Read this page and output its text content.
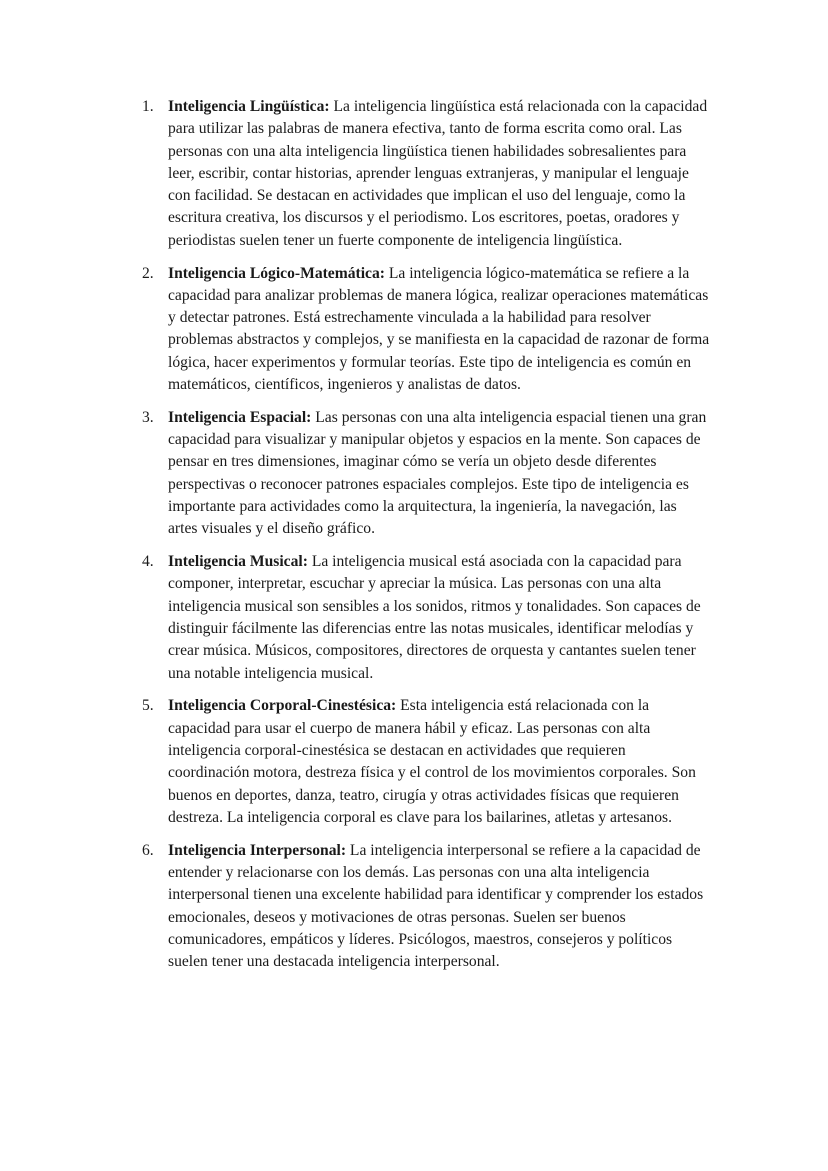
1. Inteligencia Lingüística: La inteligencia lingüística está relacionada con la capacidad para utilizar las palabras de manera efectiva, tanto de forma escrita como oral. Las personas con una alta inteligencia lingüística tienen habilidades sobresalientes para leer, escribir, contar historias, aprender lenguas extranjeras, y manipular el lenguaje con facilidad. Se destacan en actividades que implican el uso del lenguaje, como la escritura creativa, los discursos y el periodismo. Los escritores, poetas, oradores y periodistas suelen tener un fuerte componente de inteligencia lingüística.
2. Inteligencia Lógico-Matemática: La inteligencia lógico-matemática se refiere a la capacidad para analizar problemas de manera lógica, realizar operaciones matemáticas y detectar patrones. Está estrechamente vinculada a la habilidad para resolver problemas abstractos y complejos, y se manifiesta en la capacidad de razonar de forma lógica, hacer experimentos y formular teorías. Este tipo de inteligencia es común en matemáticos, científicos, ingenieros y analistas de datos.
3. Inteligencia Espacial: Las personas con una alta inteligencia espacial tienen una gran capacidad para visualizar y manipular objetos y espacios en la mente. Son capaces de pensar en tres dimensiones, imaginar cómo se vería un objeto desde diferentes perspectivas o reconocer patrones espaciales complejos. Este tipo de inteligencia es importante para actividades como la arquitectura, la ingeniería, la navegación, las artes visuales y el diseño gráfico.
4. Inteligencia Musical: La inteligencia musical está asociada con la capacidad para componer, interpretar, escuchar y apreciar la música. Las personas con una alta inteligencia musical son sensibles a los sonidos, ritmos y tonalidades. Son capaces de distinguir fácilmente las diferencias entre las notas musicales, identificar melodías y crear música. Músicos, compositores, directores de orquesta y cantantes suelen tener una notable inteligencia musical.
5. Inteligencia Corporal-Cinestésica: Esta inteligencia está relacionada con la capacidad para usar el cuerpo de manera hábil y eficaz. Las personas con alta inteligencia corporal-cinestésica se destacan en actividades que requieren coordinación motora, destreza física y el control de los movimientos corporales. Son buenos en deportes, danza, teatro, cirugía y otras actividades físicas que requieren destreza. La inteligencia corporal es clave para los bailarines, atletas y artesanos.
6. Inteligencia Interpersonal: La inteligencia interpersonal se refiere a la capacidad de entender y relacionarse con los demás. Las personas con una alta inteligencia interpersonal tienen una excelente habilidad para identificar y comprender los estados emocionales, deseos y motivaciones de otras personas. Suelen ser buenos comunicadores, empáticos y líderes. Psicólogos, maestros, consejeros y políticos suelen tener una destacada inteligencia interpersonal.
